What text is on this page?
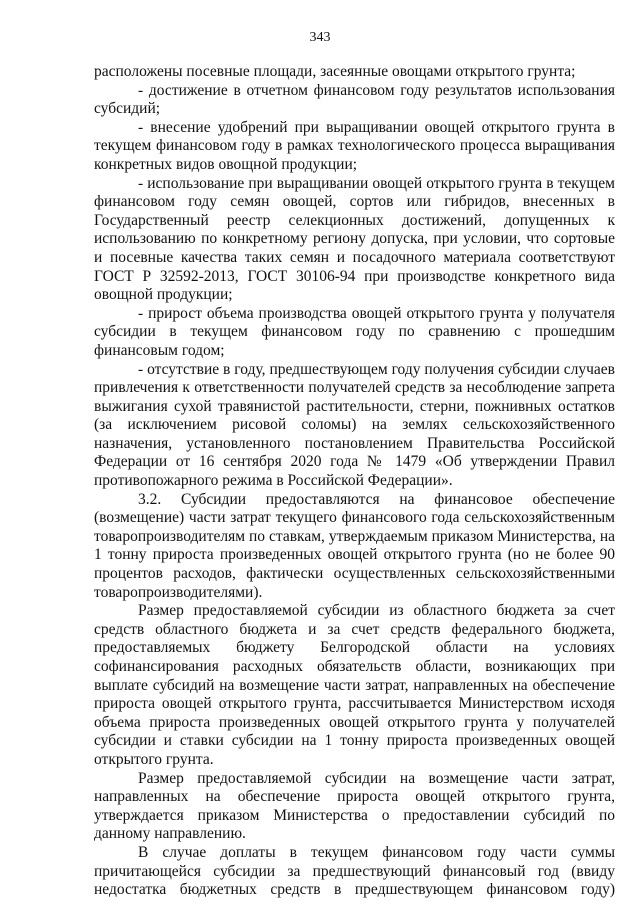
343

расположены посевные площади, засеянные овощами открытого грунта;

- достижение в отчетном финансовом году результатов использования субсидий;

- внесение удобрений при выращивании овощей открытого грунта в текущем финансовом году в рамках технологического процесса выращивания конкретных видов овощной продукции;

- использование при выращивании овощей открытого грунта в текущем финансовом году семян овощей, сортов или гибридов, внесенных в Государственный реестр селекционных достижений, допущенных к использованию по конкретному региону допуска, при условии, что сортовые и посевные качества таких семян и посадочного материала соответствуют ГОСТ Р 32592-2013, ГОСТ 30106-94 при производстве конкретного вида овощной продукции;

- прирост объема производства овощей открытого грунта у получателя субсидии в текущем финансовом году по сравнению с прошедшим финансовым годом;

- отсутствие в году, предшествующем году получения субсидии случаев привлечения к ответственности получателей средств за несоблюдение запрета выжигания сухой травянистой растительности, стерни, пожнивных остатков (за исключением рисовой соломы) на землях сельскохозяйственного назначения, установленного постановлением Правительства Российской Федерации от 16 сентября 2020 года № 1479 «Об утверждении Правил противопожарного режима в Российской Федерации».

3.2. Субсидии предоставляются на финансовое обеспечение (возмещение) части затрат текущего финансового года сельскохозяйственным товаропроизводителям по ставкам, утверждаемым приказом Министерства, на 1 тонну прироста произведенных овощей открытого грунта (но не более 90 процентов расходов, фактически осуществленных сельскохозяйственными товаропроизводителями).

Размер предоставляемой субсидии из областного бюджета за счет средств областного бюджета и за счет средств федерального бюджета, предоставляемых бюджету Белгородской области на условиях софинансирования расходных обязательств области, возникающих при выплате субсидий на возмещение части затрат, направленных на обеспечение прироста овощей открытого грунта, рассчитывается Министерством исходя объема прироста произведенных овощей открытого грунта у получателей субсидии и ставки субсидии на 1 тонну прироста произведенных овощей открытого грунта.

Размер предоставляемой субсидии на возмещение части затрат, направленных на обеспечение прироста овощей открытого грунта, утверждается приказом Министерства о предоставлении субсидий по данному направлению.

В случае доплаты в текущем финансовом году части суммы причитающейся субсидии за предшествующий финансовый год (ввиду недостатка бюджетных средств в предшествующем финансовом году)
